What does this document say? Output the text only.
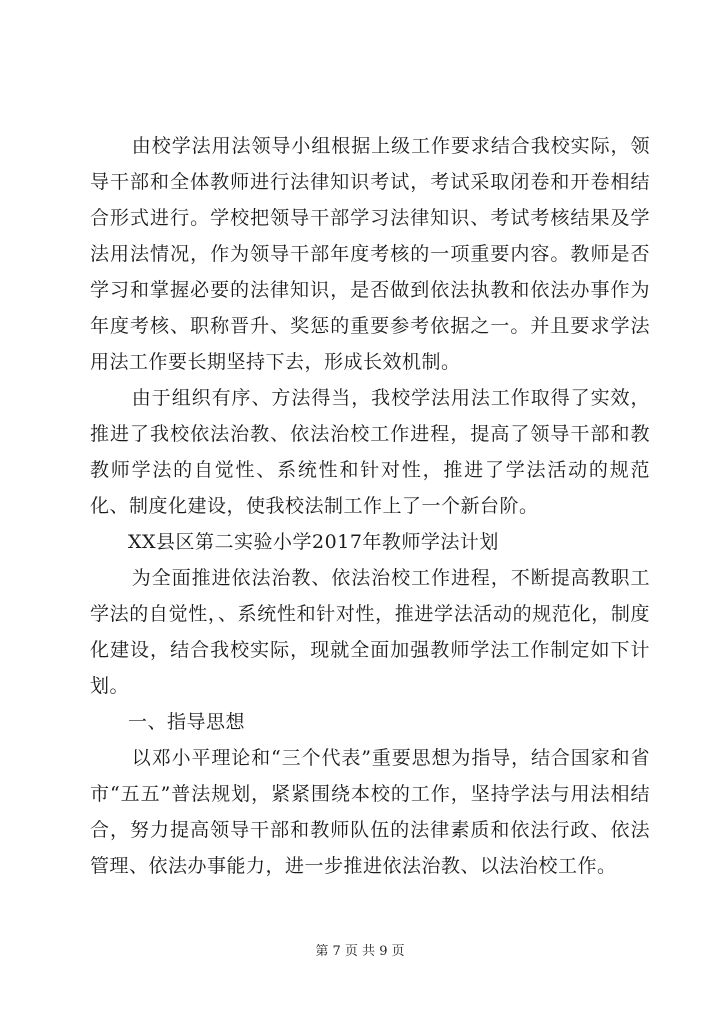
由校学法用法领导小组根据上级工作要求结合我校实际，领导干部和全体教师进行法律知识考试，考试采取闭卷和开卷相结合形式进行。学校把领导干部学习法律知识、考试考核结果及学法用法情况，作为领导干部年度考核的一项重要内容。教师是否学习和掌握必要的法律知识，是否做到依法执教和依法办事作为年度考核、职称晋升、奖惩的重要参考依据之一。并且要求学法用法工作要长期坚持下去，形成长效机制。

由于组织有序、方法得当，我校学法用法工作取得了实效，推进了我校依法治教、依法治校工作进程，提高了领导干部和教教师学法的自觉性、系统性和针对性，推进了学法活动的规范化、制度化建设，使我校法制工作上了一个新台阶。

XX县区第二实验小学2017年教师学法计划

为全面推进依法治教、依法治校工作进程，不断提高教职工学法的自觉性，、系统性和针对性，推进学法活动的规范化，制度化建设，结合我校实际，现就全面加强教师学法工作制定如下计划。

一、指导思想

以邓小平理论和“三个代表”重要思想为指导，结合国家和省市“五五”普法规划，紧紧围绕本校的工作，坚持学法与用法相结合，努力提高领导干部和教师队伍的法律素质和依法行政、依法管理、依法办事能力，进一步推进依法治教、以法治校工作。

第 7 页 共 9 页
